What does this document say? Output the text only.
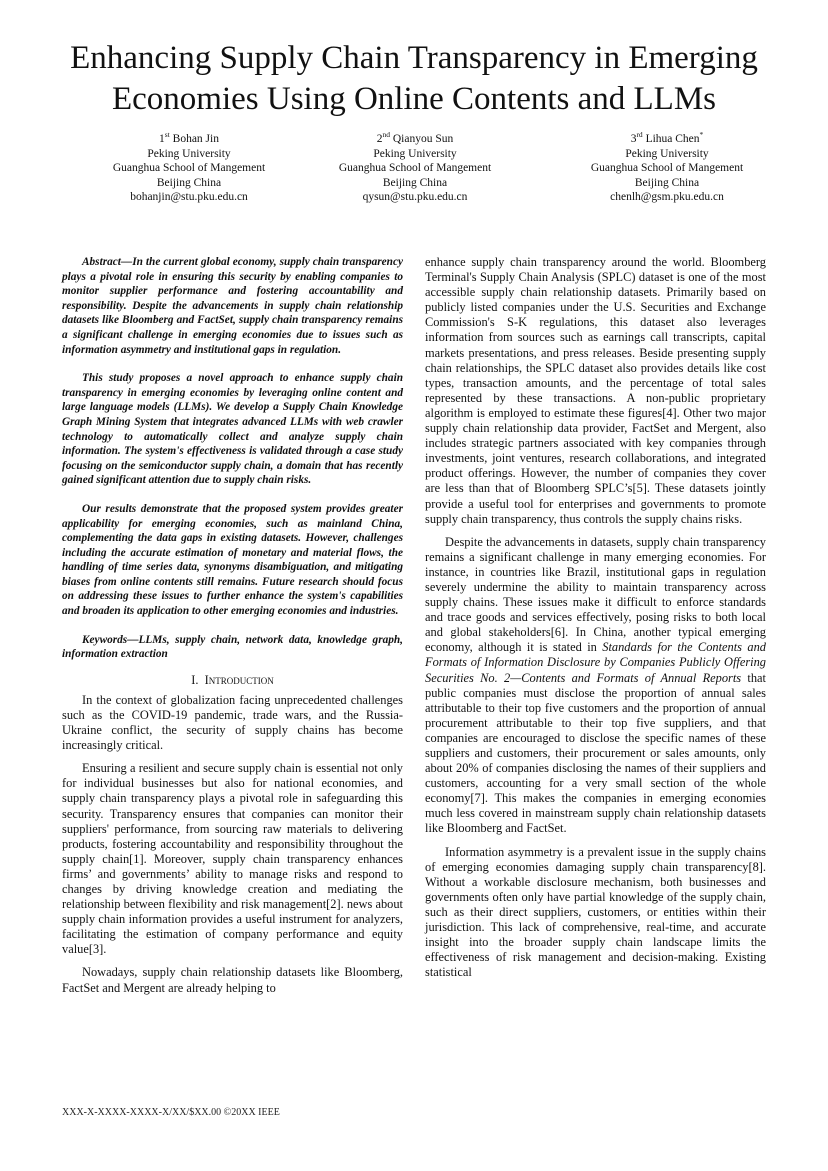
Enhancing Supply Chain Transparency in Emerging Economies Using Online Contents and LLMs
1st Bohan Jin
Peking University
Guanghua School of Mangement
Beijing China
bohanjin@stu.pku.edu.cn
2nd Qianyou Sun
Peking University
Guanghua School of Mangement
Beijing China
qysun@stu.pku.edu.cn
3rd Lihua Chen*
Peking University
Guanghua School of Mangement
Beijing China
chenlh@gsm.pku.edu.cn

Abstract—In the current global economy, supply chain transparency plays a pivotal role in ensuring this security by enabling companies to monitor supplier performance and fostering accountability and responsibility. Despite the advancements in supply chain relationship datasets like Bloomberg and FactSet, supply chain transparency remains a significant challenge in emerging economies due to issues such as information asymmetry and institutional gaps in regulation.

This study proposes a novel approach to enhance supply chain transparency in emerging economies by leveraging online content and large language models (LLMs). We develop a Supply Chain Knowledge Graph Mining System that integrates advanced LLMs with web crawler technology to automatically collect and analyze supply chain information. The system's effectiveness is validated through a case study focusing on the semiconductor supply chain, a domain that has recently gained significant attention due to supply chain risks.

Our results demonstrate that the proposed system provides greater applicability for emerging economies, such as mainland China, complementing the data gaps in existing datasets. However, challenges including the accurate estimation of monetary and material flows, the handling of time series data, synonyms disambiguation, and mitigating biases from online contents still remains. Future research should focus on addressing these issues to further enhance the system's capabilities and broaden its application to other emerging economies and industries.

Keywords—LLMs, supply chain, network data, knowledge graph, information extraction

I. Introduction

In the context of globalization facing unprecedented challenges such as the COVID-19 pandemic, trade wars, and the Russia-Ukraine conflict, the security of supply chains has become increasingly critical.

Ensuring a resilient and secure supply chain is essential not only for individual businesses but also for national economies, and supply chain transparency plays a pivotal role in safeguarding this security. Transparency ensures that companies can monitor their suppliers' performance, from sourcing raw materials to delivering products, fostering accountability and responsibility throughout the supply chain[1]. Moreover, supply chain transparency enhances firms’ and governments’ ability to manage risks and respond to changes by driving knowledge creation and mediating the relationship between flexibility and risk management[2]. news about supply chain information provides a useful instrument for analyzers, facilitating the estimation of company performance and equity value[3].

Nowadays, supply chain relationship datasets like Bloomberg, FactSet and Mergent are already helping to

enhance supply chain transparency around the world. Bloomberg Terminal's Supply Chain Analysis (SPLC) dataset is one of the most accessible supply chain relationship datasets. Primarily based on publicly listed companies under the U.S. Securities and Exchange Commission's S-K regulations, this dataset also leverages information from sources such as earnings call transcripts, capital markets presentations, and press releases. Beside presenting supply chain relationships, the SPLC dataset also provides details like cost types, transaction amounts, and the percentage of total sales represented by these transactions. A non-public proprietary algorithm is employed to estimate these figures[4]. Other two major supply chain relationship data provider, FactSet and Mergent, also includes strategic partners associated with key companies through investments, joint ventures, research collaborations, and integrated product offerings. However, the number of companies they cover are less than that of Bloomberg SPLC’s[5]. These datasets jointly provide a useful tool for enterprises and governments to promote supply chain transparency, thus controls the supply chains risks.

Despite the advancements in datasets, supply chain transparency remains a significant challenge in many emerging economies. For instance, in countries like Brazil, institutional gaps in regulation severely undermine the ability to maintain transparency across supply chains. These issues make it difficult to enforce standards and trace goods and services effectively, posing risks to both local and global stakeholders[6]. In China, another typical emerging economy, although it is stated in Standards for the Contents and Formats of Information Disclosure by Companies Publicly Offering Securities No. 2—Contents and Formats of Annual Reports that public companies must disclose the proportion of annual sales attributable to their top five customers and the proportion of annual procurement attributable to their top five suppliers, and that companies are encouraged to disclose the specific names of these suppliers and customers, their procurement or sales amounts, only about 20% of companies disclosing the names of their suppliers and customers, accounting for a very small section of the whole economy[7]. This makes the companies in emerging economies much less covered in mainstream supply chain relationship datasets like Bloomberg and FactSet.

Information asymmetry is a prevalent issue in the supply chains of emerging economies damaging supply chain transparency[8]. Without a workable disclosure mechanism, both businesses and governments often only have partial knowledge of the supply chain, such as their direct suppliers, customers, or entities within their jurisdiction. This lack of comprehensive, real-time, and accurate insight into the broader supply chain landscape limits the effectiveness of risk management and decision-making. Existing statistical

XXX-X-XXXX-XXXX-X/XX/$XX.00 ©20XX IEEE
